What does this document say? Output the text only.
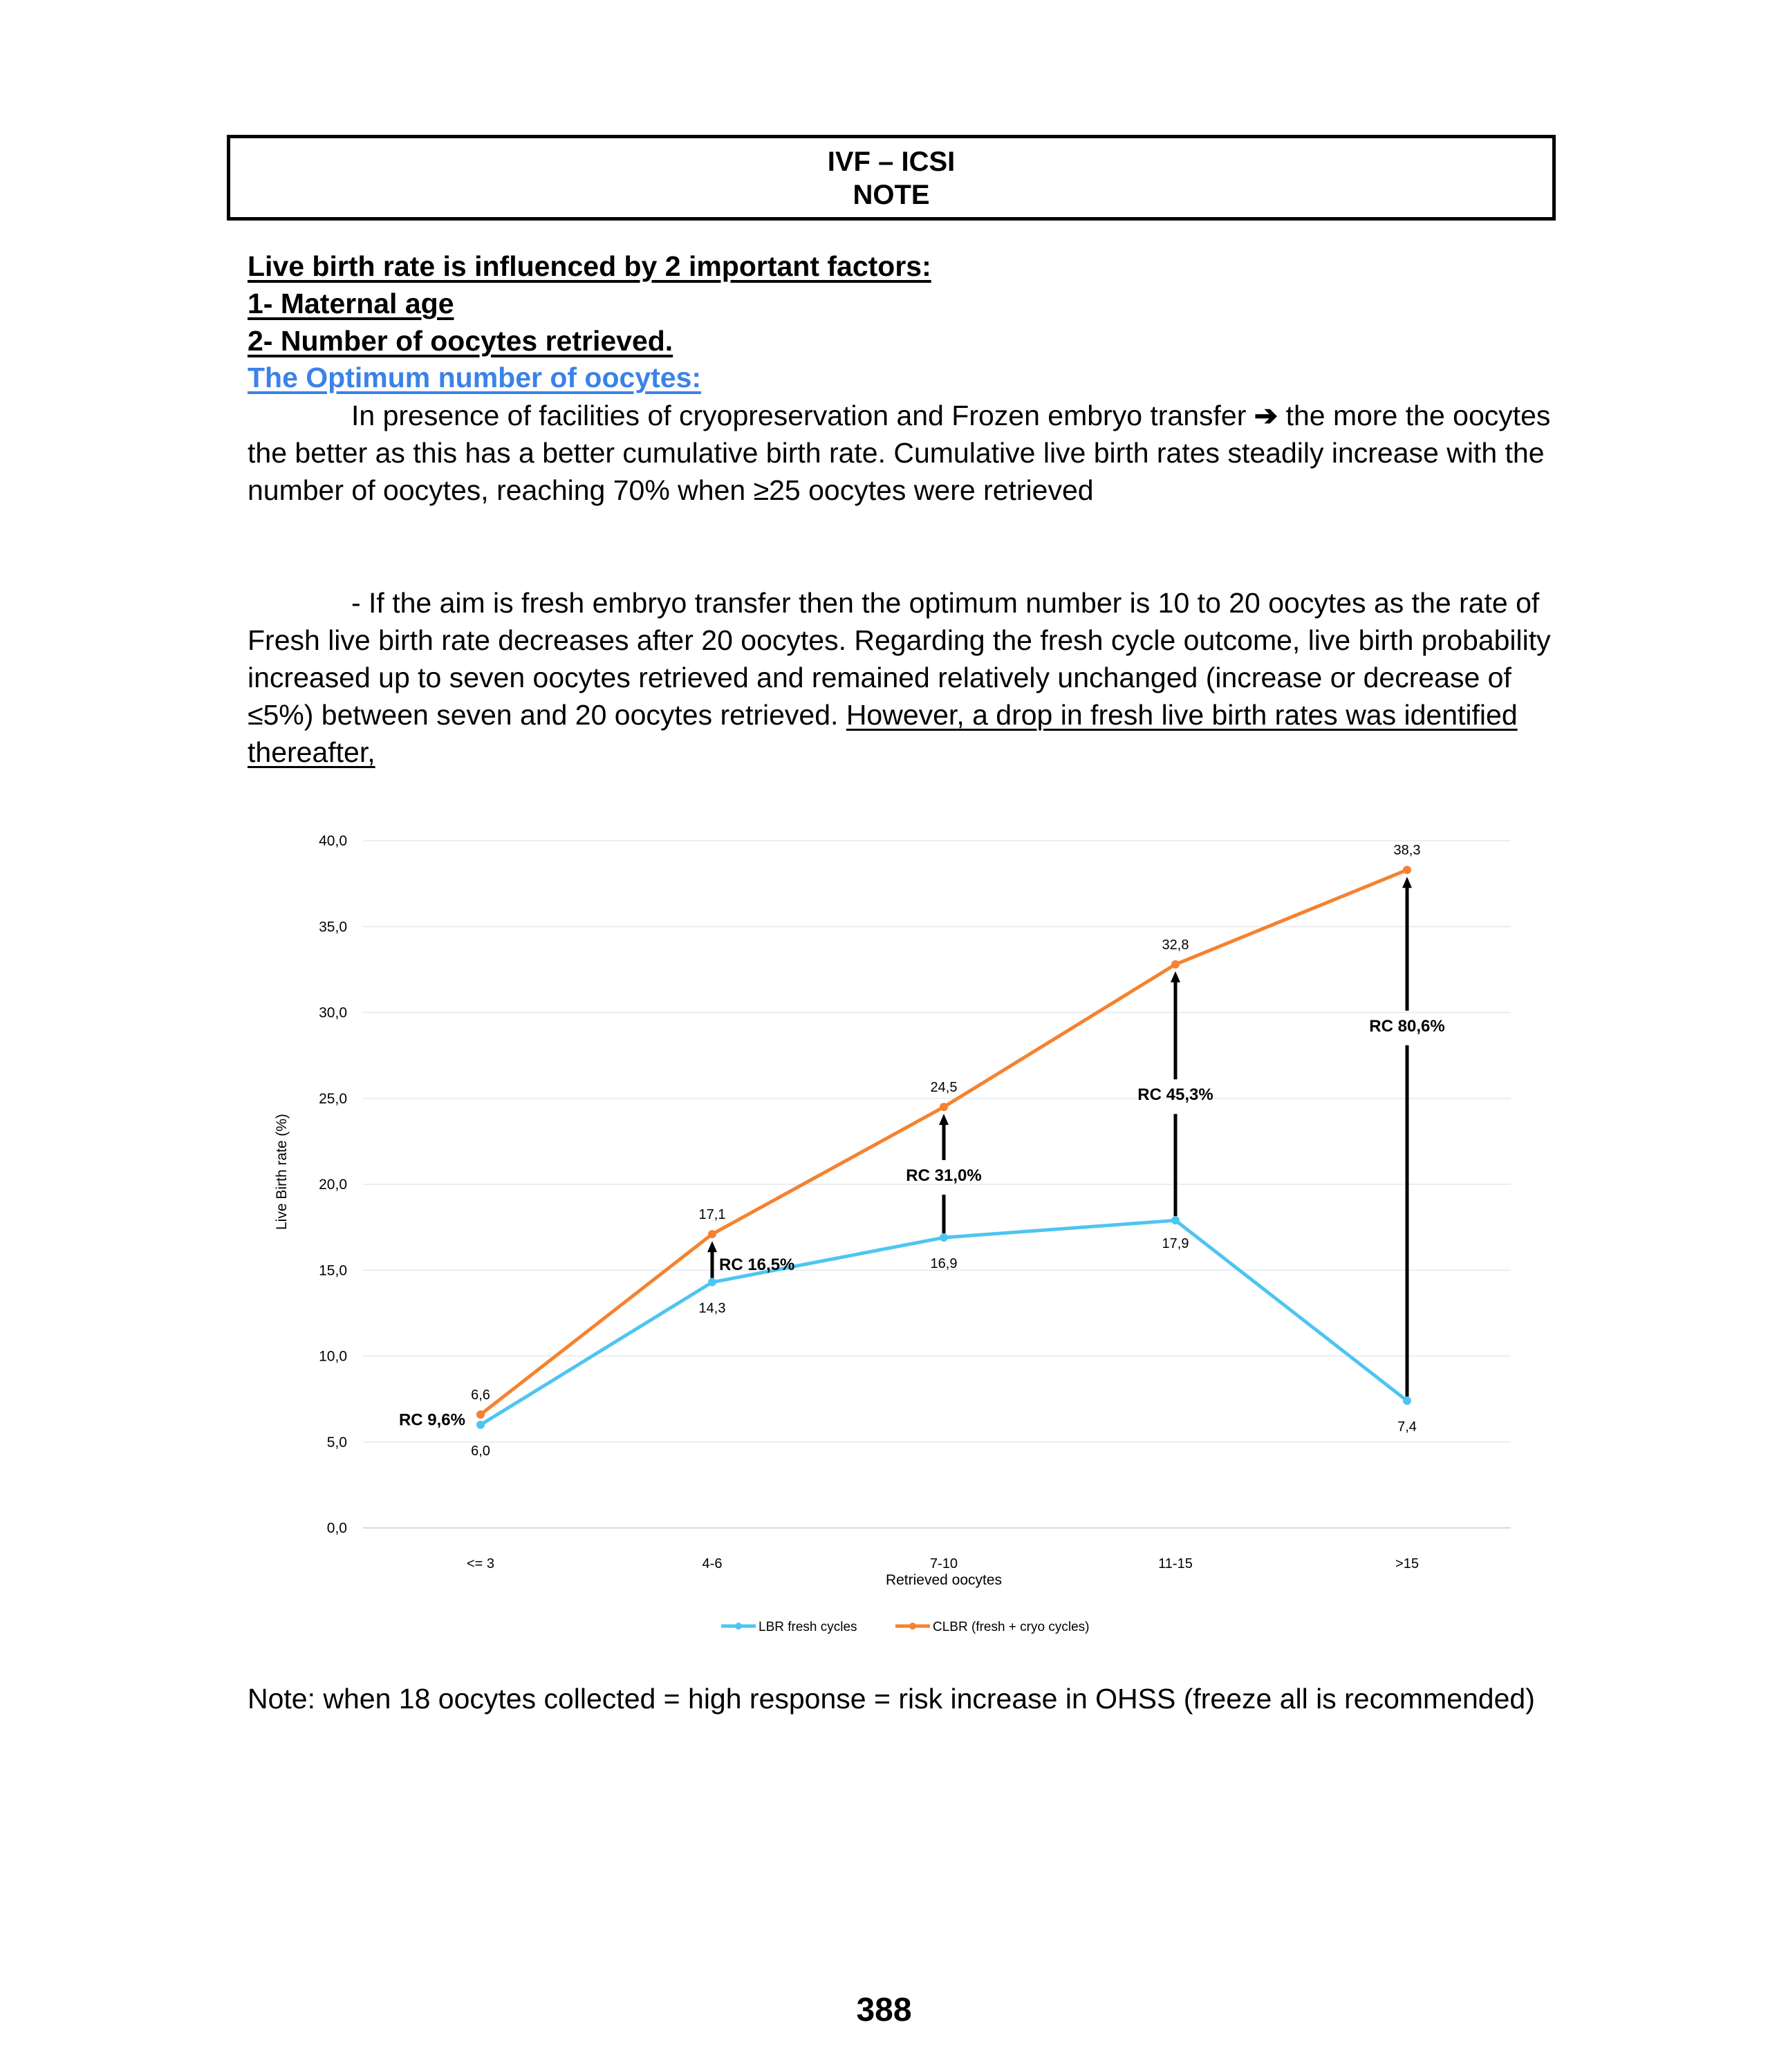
IVF – ICSI
NOTE
Live birth rate is influenced by 2 important factors:
1- Maternal age
2- Number of oocytes retrieved.
The Optimum number of oocytes:
In presence of facilities of cryopreservation and Frozen embryo transfer ➔ the more the oocytes the better as this has a better cumulative birth rate. Cumulative live birth rates steadily increase with the number of oocytes, reaching 70% when ≥25 oocytes were retrieved
- If the aim is fresh embryo transfer then the optimum number is 10 to 20 oocytes as the rate of Fresh live birth rate decreases after 20 oocytes. Regarding the fresh cycle outcome, live birth probability increased up to seven oocytes retrieved and remained relatively unchanged (increase or decrease of ≤5%) between seven and 20 oocytes retrieved. However, a drop in fresh live birth rates was identified thereafter,
0,0
5,0
10,0
15,0
20,0
25,0
30,0
35,0
40,0
<= 3	4-6	7-10	11-15	>15
6,0
14,3
16,9
17,9
7,4
6,6
17,1
24,5
32,8
38,3
RC 9,6%
RC 16,5%
RC 31,0%
RC 45,3%
RC 80,6%
Live Birth rate (%)
Retrieved oocytes
LBR fresh cycles	CLBR (fresh + cryo cycles)
Note: when 18 oocytes collected = high response = risk increase in OHSS (freeze all is recommended)
388
